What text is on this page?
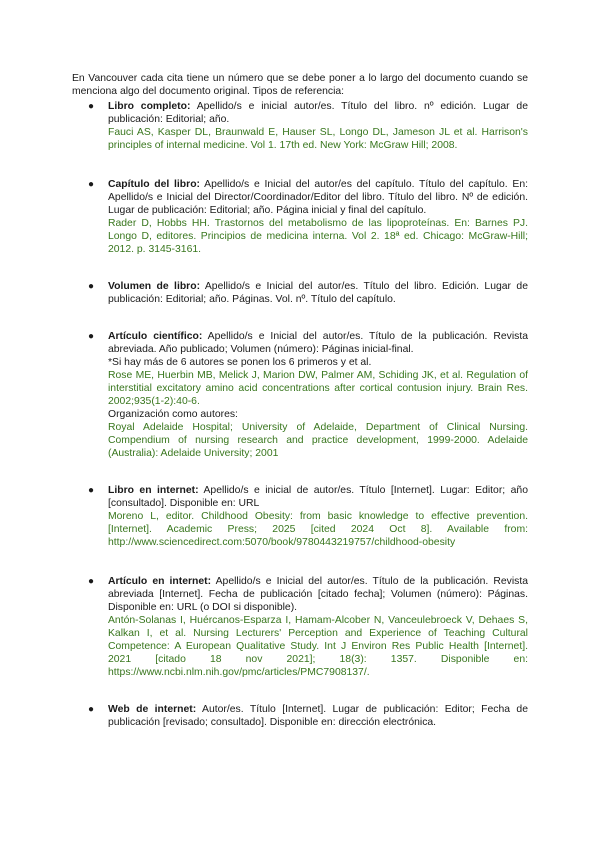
En Vancouver cada cita tiene un número que se debe poner a lo largo del documento cuando se menciona algo del documento original. Tipos de referencia:
● Libro completo: Apellido/s e inicial autor/es. Título del libro. nº edición. Lugar de publicación: Editorial; año.
Fauci AS, Kasper DL, Braunwald E, Hauser SL, Longo DL, Jameson JL et al. Harrison's principles of internal medicine. Vol 1. 17th ed. New York: McGraw Hill; 2008.
● Capítulo del libro: Apellido/s e Inicial del autor/es del capítulo. Título del capítulo. En: Apellido/s e Inicial del Director/Coordinador/Editor del libro. Título del libro. Nº de edición. Lugar de publicación: Editorial; año. Página inicial y final del capítulo.
Rader D, Hobbs HH. Trastornos del metabolismo de las lipoproteínas. En: Barnes PJ. Longo D, editores. Principios de medicina interna. Vol 2. 18ª ed. Chicago: McGraw-Hill; 2012. p. 3145-3161.
● Volumen de libro: Apellido/s e Inicial del autor/es. Título del libro. Edición. Lugar de publicación: Editorial; año. Páginas. Vol. nº. Título del capítulo.
● Artículo científico: Apellido/s e Inicial del autor/es. Título de la publicación. Revista abreviada. Año publicado; Volumen (número): Páginas inicial-final.
*Si hay más de 6 autores se ponen los 6 primeros y et al.
Rose ME, Huerbin MB, Melick J, Marion DW, Palmer AM, Schiding JK, et al. Regulation of interstitial excitatory amino acid concentrations after cortical contusion injury. Brain Res. 2002;935(1-2):40-6.
Organización como autores:
Royal Adelaide Hospital; University of Adelaide, Department of Clinical Nursing. Compendium of nursing research and practice development, 1999-2000. Adelaide (Australia): Adelaide University; 2001
● Libro en internet: Apellido/s e inicial de autor/es. Título [Internet]. Lugar: Editor; año [consultado]. Disponible en: URL
Moreno L, editor. Childhood Obesity: from basic knowledge to effective prevention. [Internet]. Academic Press; 2025 [cited 2024 Oct 8]. Available from: http://www.sciencedirect.com:5070/book/9780443219757/childhood-obesity
● Artículo en internet: Apellido/s e Inicial del autor/es. Título de la publicación. Revista abreviada [Internet]. Fecha de publicación [citado fecha]; Volumen (número): Páginas. Disponible en: URL (o DOI si disponible).
Antón-Solanas I, Huércanos-Esparza I, Hamam-Alcober N, Vanceulebroeck V, Dehaes S, Kalkan I, et al. Nursing Lecturers' Perception and Experience of Teaching Cultural Competence: A European Qualitative Study. Int J Environ Res Public Health [Internet]. 2021 [citado 18 nov 2021]; 18(3): 1357. Disponible en: https://www.ncbi.nlm.nih.gov/pmc/articles/PMC7908137/.
● Web de internet: Autor/es. Título [Internet]. Lugar de publicación: Editor; Fecha de publicación [revisado; consultado]. Disponible en: dirección electrónica.
